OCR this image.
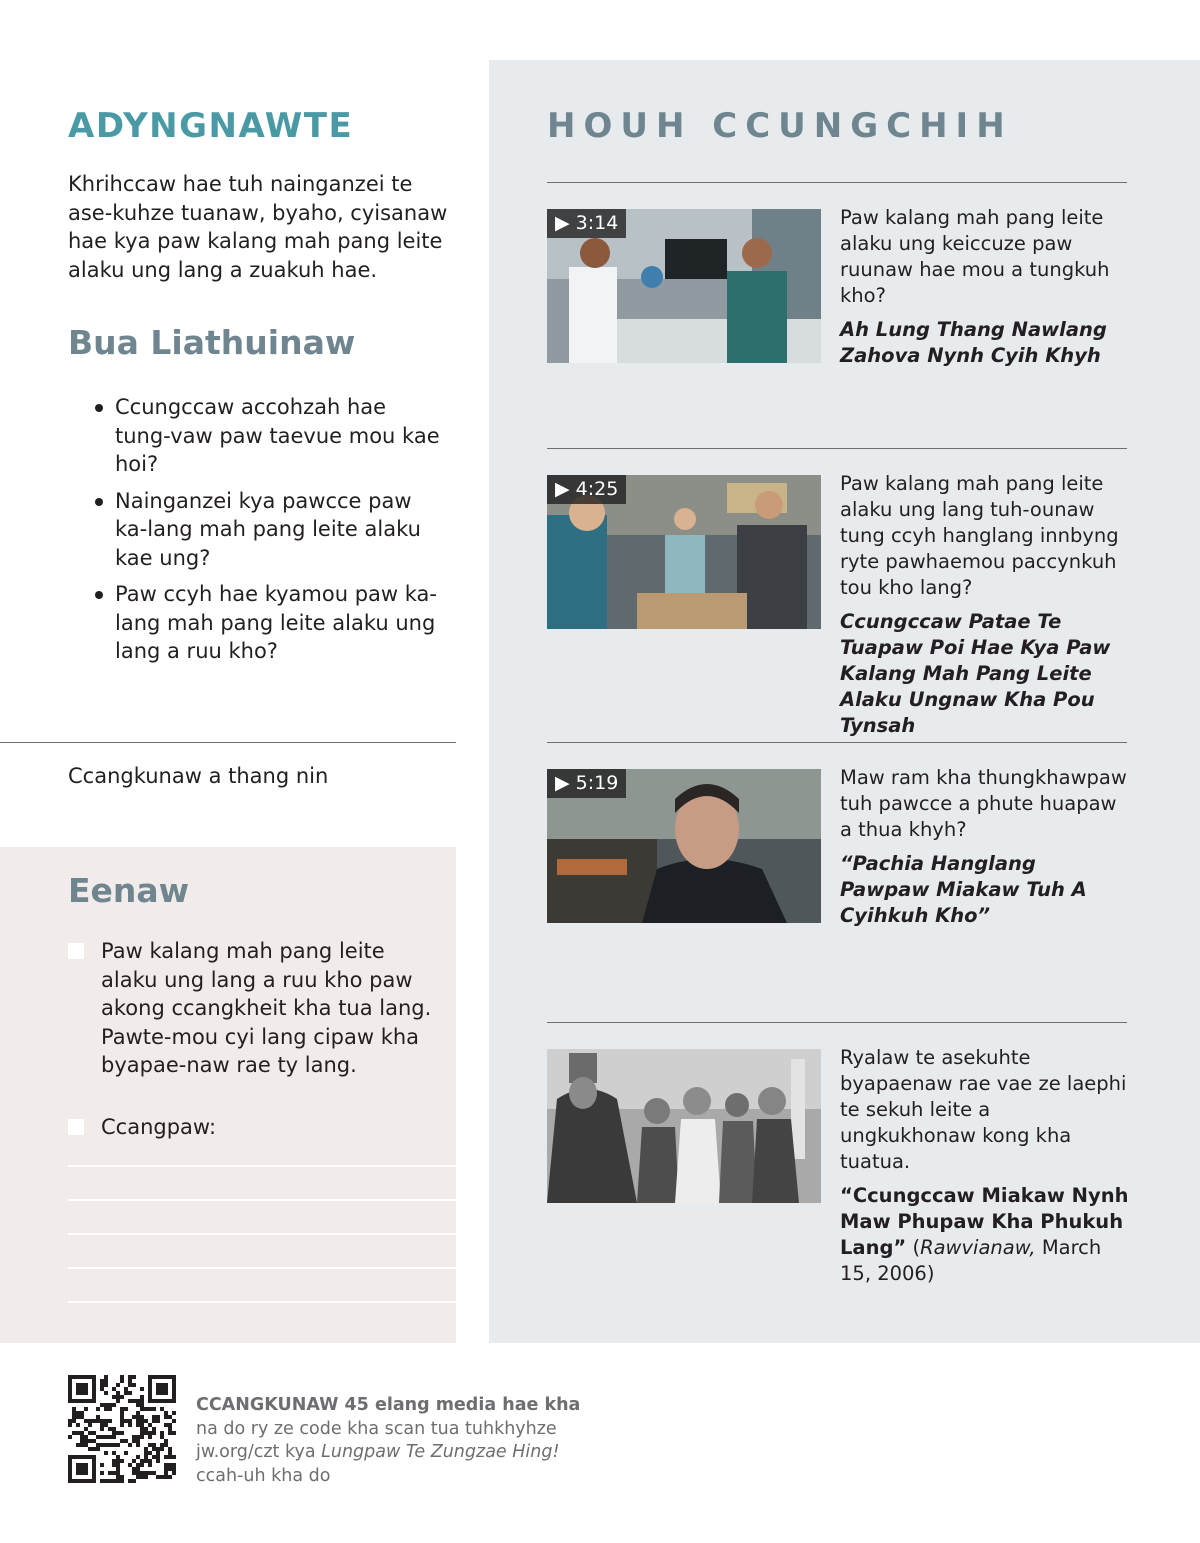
ADYNGNAWTE
Khrihccaw hae tuh nainganzei te ase-kuhze tuanaw, byaho, cyisanaw hae kya paw kalang mah pang leite alaku ung lang a zuakuh hae.
Bua Liathuinaw
Ccungccaw accohzah hae tung-vaw paw taevue mou kae hoi?
Nainganzei kya pawcce paw ka-lang mah pang leite alaku kae ung?
Paw ccyh hae kyamou paw ka-lang mah pang leite alaku ung lang a ruu kho?
Ccangkunaw a thang nin
Eenaw
Paw kalang mah pang leite alaku ung lang a ruu kho paw akong ccangkheit kha tua lang. Pawte-mou cyi lang cipaw kha byapae-naw rae ty lang.
Ccangpaw:
HOUH CCUNGCHIH
▶ 3:14	Paw kalang mah pang leite alaku ung keiccuze paw ruunaw hae mou a tungkuh kho?
Ah Lung Thang Nawlang Zahova Nynh Cyih Khyh
▶ 4:25	Paw kalang mah pang leite alaku ung lang tuh-ounaw tung ccyh hanglang innbyng ryte pawhaemou paccynkuh tou kho lang?
Ccungccaw Patae Te Tuapaw Poi Hae Kya Paw Kalang Mah Pang Leite Alaku Ungnaw Kha Pou Tynsah
▶ 5:19	Maw ram kha thungkhawpaw tuh pawcce a phute huapaw a thua khyh?
“Pachia Hanglang Pawpaw Miakaw Tuh A Cyihkuh Kho”
Ryalaw te asekuhte byapaenaw rae vae ze laephi te sekuh leite a ungkukhonaw kong kha tuatua.
“Ccungccaw Miakaw Nynh Maw Phupaw Kha Phukuh Lang” (Rawvianaw, March 15, 2006)
CCANGKUNAW 45 elang media hae kha
na do ry ze code kha scan tua tuhkhyhze
jw.org/czt kya Lungpaw Te Zungzae Hing!
ccah-uh kha do
